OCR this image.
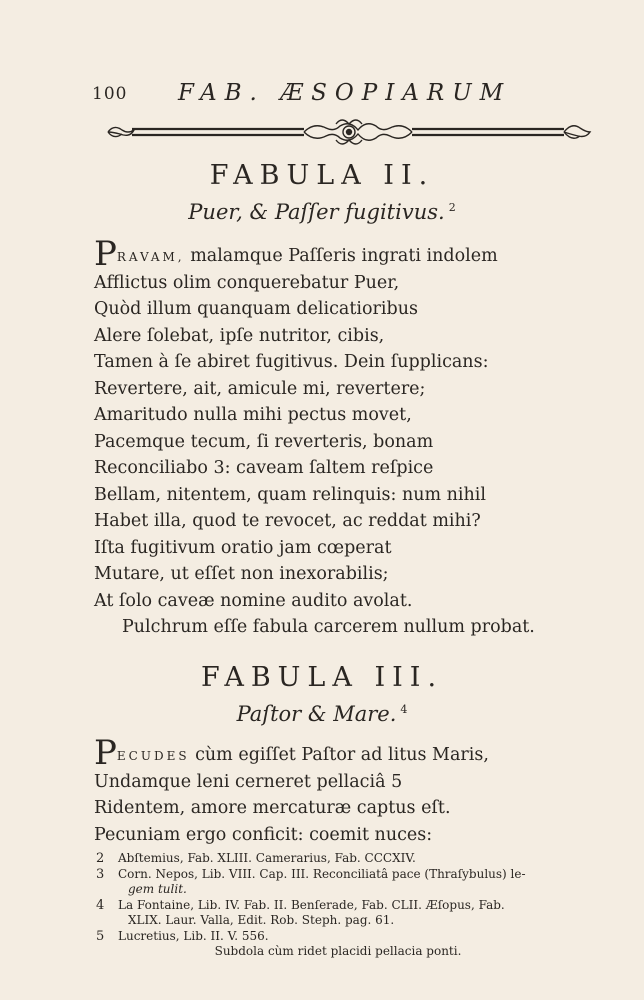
100 FAB. ÆSOPIARUM
FABULA II.
Puer, & Paſſer fugitivus. $^2$
PRAVAM, malamque Paſſeris ingrati indolem
Afflictus olim conquerebatur Puer,
Quòd illum quanquam delicatioribus
Alere ſolebat, ipſe nutritor, cibis,
Tamen à ſe abiret fugitivus. Dein ſupplicans:
Revertere, ait, amicule mi, revertere;
Amaritudo nulla mihi pectus movet,
Pacemque tecum, ſi reverteris, bonam
Reconciliabo 3: caveam ſaltem reſpice
Bellam, nitentem, quam relinquis: num nihil
Habet illa, quod te revocet, ac reddat mihi?
Iſta fugitivum oratio jam cœperat
Mutare, ut eſſet non inexorabilis;
At ſolo caveæ nomine audito avolat.
Pulchrum eſſe fabula carcerem nullum probat.
FABULA III.
Paſtor & Mare. $^4$
PECUDES cùm egiſſet Paſtor ad litus Maris,
Undamque leni cerneret pellaciâ 5
Ridentem, amore mercaturæ captus eſt.
Pecuniam ergo conficit: coemit nuces:
2 Abſtemius, Fab. XLIII. Camerarius, Fab. CCCXIV.
3 Corn. Nepos, Lib. VIII. Cap. III. Reconciliatâ pace (Thraſybulus) le-
gem tulit.
4 La Fontaine, Lib. IV. Fab. II. Benſerade, Fab. CLII. Æſopus, Fab.
XLIX. Laur. Valla, Edit. Rob. Steph. pag. 61.
5 Lucretius, Lib. II. V. 556.
Subdola cùm ridet placidi pellacia ponti.
